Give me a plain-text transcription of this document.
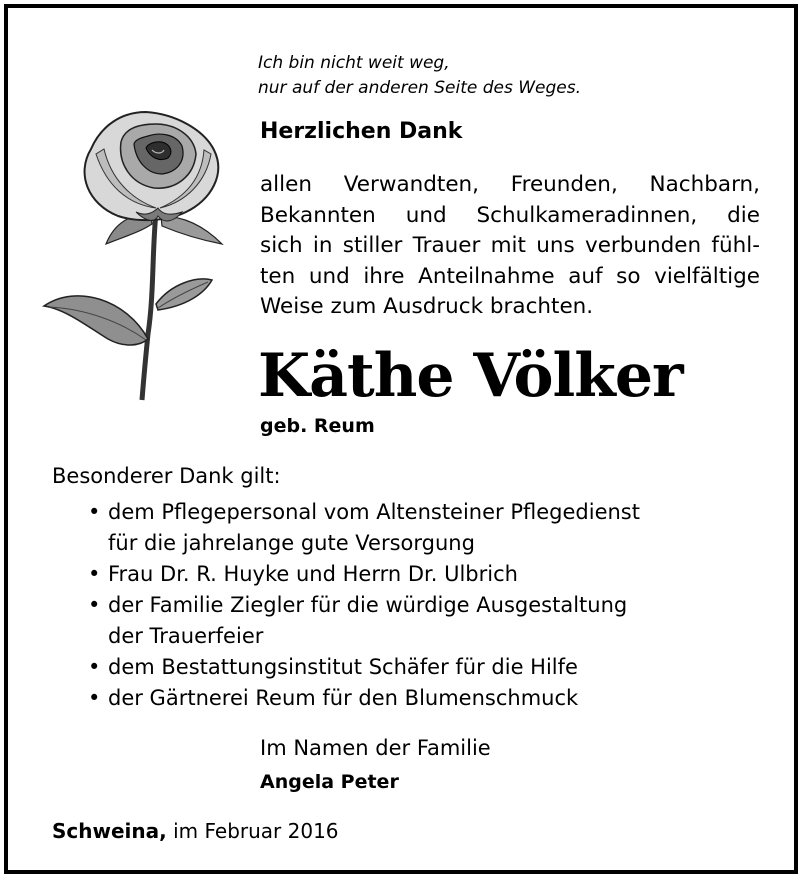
Ich bin nicht weit weg,
nur auf der anderen Seite des Weges.
Herzlichen Dank
allen Verwandten, Freunden, Nachbarn,
Bekannten und Schulkameradinnen, die
sich in stiller Trauer mit uns verbunden fühl-
ten und ihre Anteilnahme auf so vielfältige
Weise zum Ausdruck brachten.
Käthe Völker
geb. Reum
Besonderer Dank gilt:
• dem Pflegepersonal vom Altensteiner Pflegedienst
für die jahrelange gute Versorgung
• Frau Dr. R. Huyke und Herrn Dr. Ulbrich
• der Familie Ziegler für die würdige Ausgestaltung
der Trauerfeier
• dem Bestattungsinstitut Schäfer für die Hilfe
• der Gärtnerei Reum für den Blumenschmuck
Im Namen der Familie
Angela Peter
Schweina, im Februar 2016
